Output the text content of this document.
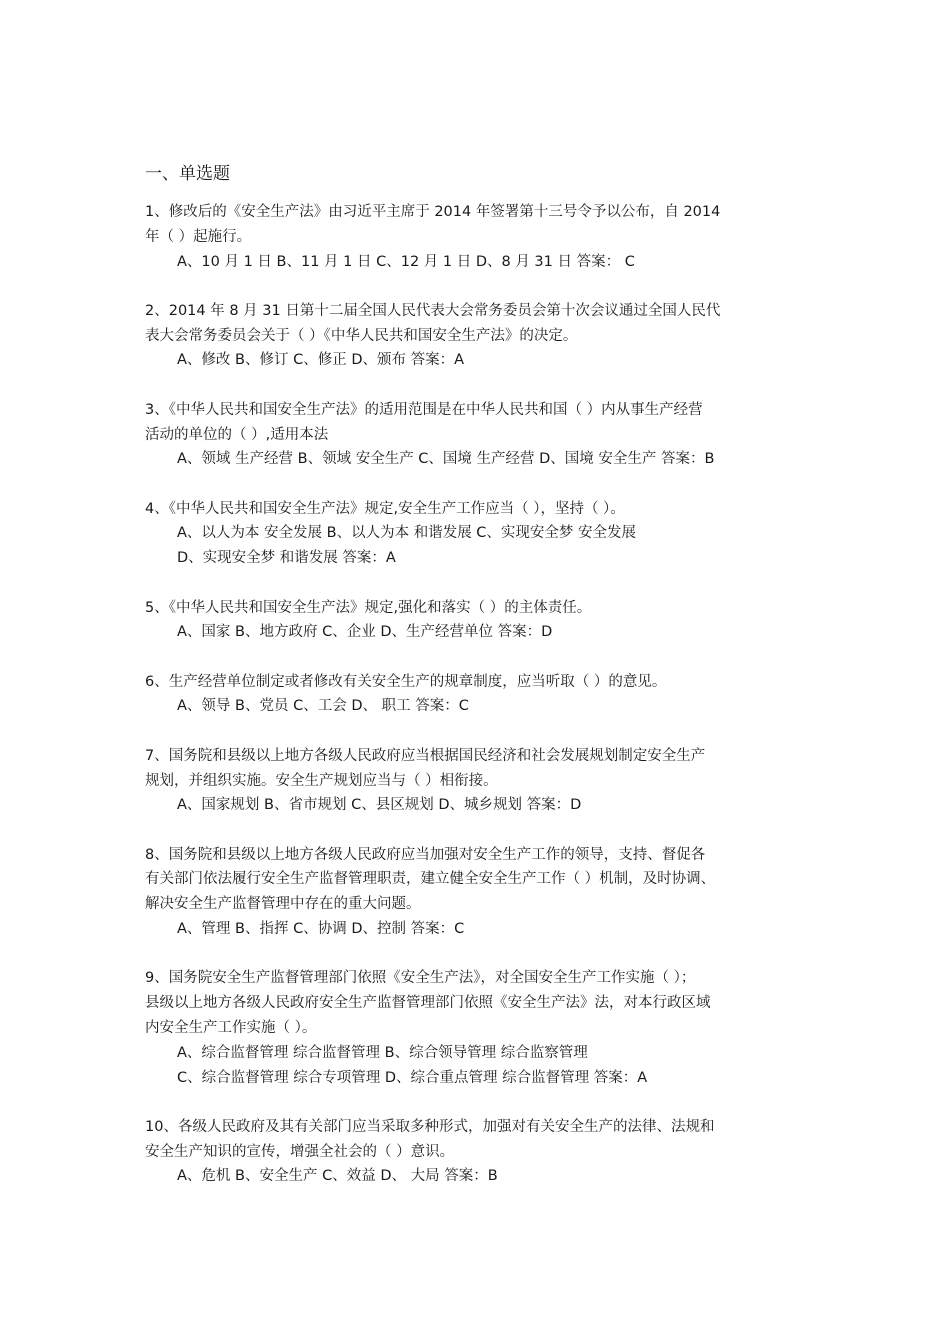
一、单选题
1、修改后的《安全生产法》由习近平主席于 2014 年签署第十三号令予以公布，自 2014
年（ ）起施行。
A、10 月 1 日 B、11 月 1 日 C、12 月 1 日 D、8 月 31 日 答案： C
2、2014 年 8 月 31 日第十二届全国人民代表大会常务委员会第十次会议通过全国人民代
表大会常务委员会关于（ ）《中华人民共和国安全生产法》的决定。
A、修改 B、修订 C、修正 D、颁布 答案：A
3、《中华人民共和国安全生产法》的适用范围是在中华人民共和国（ ）内从事生产经营
活动的单位的（ ）,适用本法
A、领域 生产经营 B、领域 安全生产 C、国境 生产经营 D、国境 安全生产 答案：B
4、《中华人民共和国安全生产法》规定,安全生产工作应当（ ），坚持（ ）。
A、以人为本 安全发展 B、以人为本 和谐发展 C、实现安全梦 安全发展
D、实现安全梦 和谐发展 答案：A
5、《中华人民共和国安全生产法》规定,强化和落实（ ）的主体责任。
A、国家 B、地方政府 C、企业 D、生产经营单位 答案：D
6、生产经营单位制定或者修改有关安全生产的规章制度，应当听取（ ）的意见。
A、领导 B、党员 C、工会 D、 职工 答案：C
7、国务院和县级以上地方各级人民政府应当根据国民经济和社会发展规划制定安全生产
规划，并组织实施。安全生产规划应当与（ ）相衔接。
A、国家规划 B、省市规划 C、县区规划 D、城乡规划 答案：D
8、国务院和县级以上地方各级人民政府应当加强对安全生产工作的领导，支持、督促各
有关部门依法履行安全生产监督管理职责，建立健全安全生产工作（ ）机制，及时协调、
解决安全生产监督管理中存在的重大问题。
A、管理 B、指挥 C、协调 D、控制 答案：C
9、国务院安全生产监督管理部门依照《安全生产法》，对全国安全生产工作实施（ ）；
县级以上地方各级人民政府安全生产监督管理部门依照《安全生产法》法，对本行政区域
内安全生产工作实施（ ）。
A、综合监督管理 综合监督管理 B、综合领导管理 综合监察管理
C、综合监督管理 综合专项管理 D、综合重点管理 综合监督管理 答案：A
10、各级人民政府及其有关部门应当采取多种形式，加强对有关安全生产的法律、法规和
安全生产知识的宣传，增强全社会的（ ）意识。
A、危机 B、安全生产 C、效益 D、 大局 答案：B
